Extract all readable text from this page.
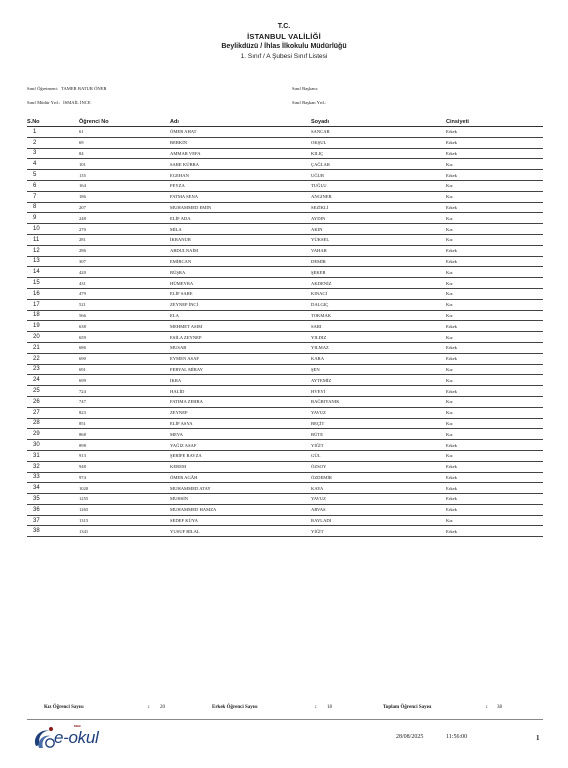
T.C.
İSTANBUL VALİLİĞİ
Beylikdüzü / İhlas İlkokulu Müdürlüğü
1. Sınıf / A Şubesi Sınıf Listesi
Sınıf Öğretmeni: TAMER BATUR ÖNER
Sınıf Müdür Yrd.: İSMAİL İNCE
Sınıf Başkanı:
Sınıf Başkan Yrd.:
S.No	Öğrenci No	Adı	Soyadı	Cinsiyeti
1	61	ÖMER AHAT	SANCAR	Erkek
2	69	BERKİN	OKŞUL	Erkek
3	84	AMMAR VEFA	KILIÇ	Erkek
4	101	SARE KÜBRA	ÇAĞLAR	Kız
5	135	EGEHAN	UĞUR	Erkek
6	164	FEYZA	TUĞLU	Kız
7	186	FATMA SENA	ANGINER	Kız
8	207	MUHAMMED EMİN	SEZİKLİ	Erkek
9	248	ELİF ADA	AYDIN	Kız
10	270	MİLA	AKIN	Kız
11	281	İKRANUR	YÜKSEL	Kız
12	286	ABDULNAİM	VAHAB	Erkek
13	307	EMİRCAN	DEMİR	Erkek
14	420	BÜŞRA	ŞEKER	Kız
15	431	HÜMEYRA	AKDENİZ	Kız
16	479	ELİF SARE	KINACI	Kız
17	521	ZEYNEP İNCİ	DALGIÇ	Kız
18	566	ELA	TOKMAK	Kız
19	638	MEHMET ASIM	SARI	Erkek
20	659	ESİLA ZEYNEP	YILDIZ	Kız
21	686	MUSAB	YILMAZ	Erkek
22	690	EYMEN ASAF	KARA	Erkek
23	691	FERYAL MİRAY	ŞEN	Kız
24	699	İKRA	AYTEMİZ	Kız
25	724	HALİD	HVEYİ	Erkek
26	747	FATIMA ZEHRA	BAĞRIYANIK	Kız
27	823	ZEYNEP	YAVUZ	Kız
28	851	ELİF ASYA	BEÇİT	Kız
29	868	MEVA	BÜTE	Kız
30	898	YAĞIZ ASAF	YİĞİT	Erkek
31	913	ŞERİFE RAVZA	GÜL	Kız
32	948	KEREM	ÖZSOY	Erkek
33	974	ÖMER AGÂH	ÖZDEMİR	Erkek
34	1020	MUHAMMED ATAY	KAYA	Erkek
35	1255	MUHSİN	YAVUZ	Erkek
36	1265	MUHAMMED HAMZA	ARVAS	Erkek
37	1315	SEDEF KÜYA	RAYLADI	Kız
38	1341	YUSUF BİLAL	YİĞİT	Erkek
Kız Öğrenci Sayısı	: 20	Erkek Öğrenci Sayısı	: 18	Toplam Öğrenci Sayısı	: 38
MEB
e-okul	28/08/2025	11:56:00	1
